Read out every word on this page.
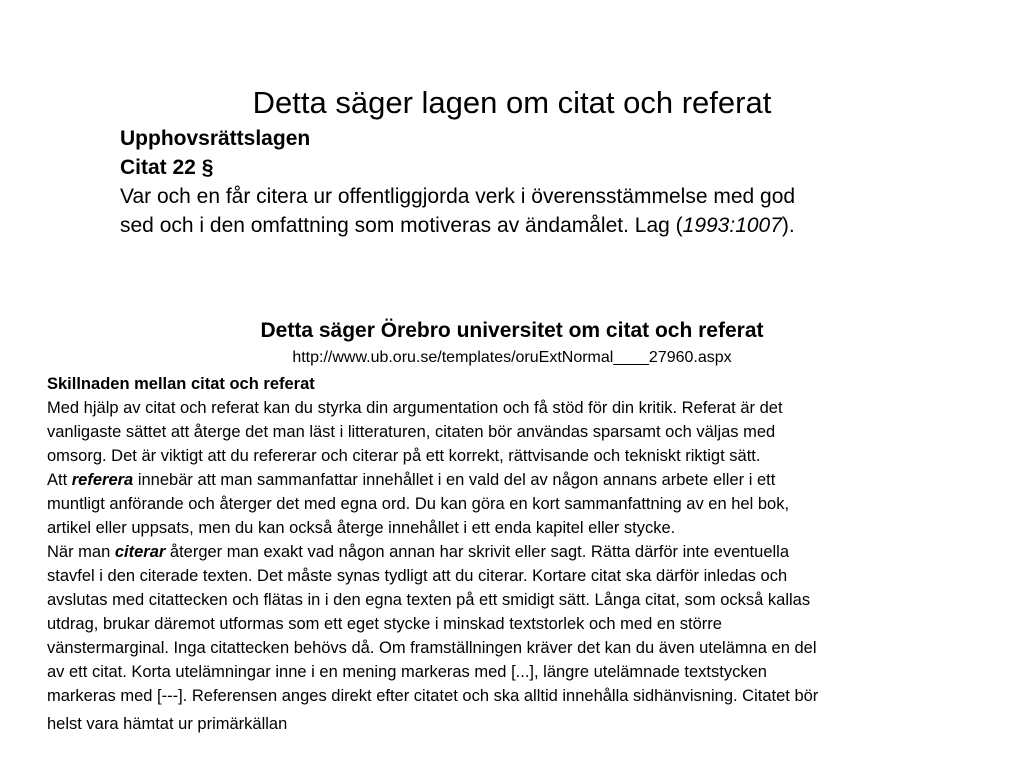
Detta säger lagen om citat och referat
Upphovsrättslagen
Citat 22 §
Var och en får citera ur offentliggjorda verk i överensstämmelse med god
sed och i den omfattning som motiveras av ändamålet. Lag (1993:1007).
Detta säger Örebro universitet om citat och referat
http://www.ub.oru.se/templates/oruExtNormal____27960.aspx
Skillnaden mellan citat och referat
Med hjälp av citat och referat kan du styrka din argumentation och få stöd för din kritik. Referat är det
vanligaste sättet att återge det man läst i litteraturen, citaten bör användas sparsamt och väljas med
omsorg. Det är viktigt att du refererar och citerar på ett korrekt, rättvisande och tekniskt riktigt sätt.
Att referera innebär att man sammanfattar innehållet i en vald del av någon annans arbete eller i ett
muntligt anförande och återger det med egna ord. Du kan göra en kort sammanfattning av en hel bok,
artikel eller uppsats, men du kan också återge innehållet i ett enda kapitel eller stycke.
När man citerar återger man exakt vad någon annan har skrivit eller sagt. Rätta därför inte eventuella
stavfel i den citerade texten. Det måste synas tydligt att du citerar. Kortare citat ska därför inledas och
avslutas med citattecken och flätas in i den egna texten på ett smidigt sätt. Långa citat, som också kallas
utdrag, brukar däremot utformas som ett eget stycke i minskad textstorlek och med en större
vänstermarginal. Inga citattecken behövs då. Om framställningen kräver det kan du även utelämna en del
av ett citat. Korta utelämningar inne i en mening markeras med [...], längre utelämnade textstycken
markeras med [---]. Referensen anges direkt efter citatet och ska alltid innehålla sidhänvisning. Citatet bör
helst vara hämtat ur primärkällan
